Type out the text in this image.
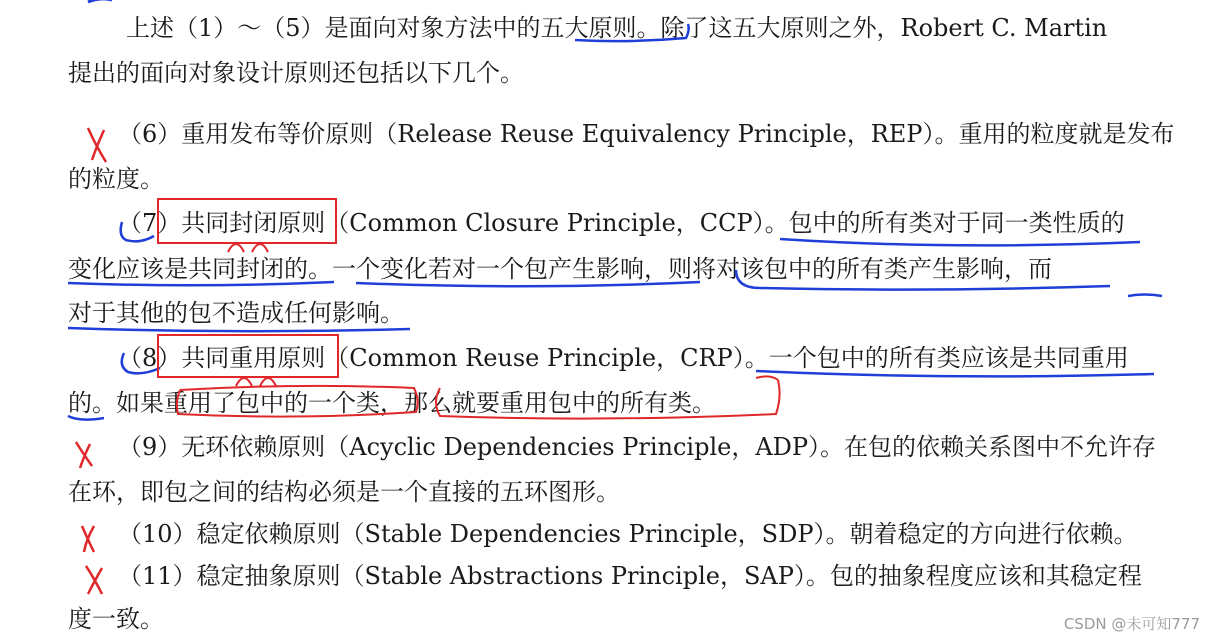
上述（1）～（5）是面向对象方法中的五大原则。除了这五大原则之外，Robert C. Martin
提出的面向对象设计原则还包括以下几个。
（6）重用发布等价原则（Release Reuse Equivalency Principle，REP）。重用的粒度就是发布
的粒度。
（7）共同封闭原则（Common Closure Principle，CCP）。包中的所有类对于同一类性质的
变化应该是共同封闭的。一个变化若对一个包产生影响，则将对该包中的所有类产生影响，而
对于其他的包不造成任何影响。
（8）共同重用原则（Common Reuse Principle，CRP）。一个包中的所有类应该是共同重用
的。如果重用了包中的一个类，那么就要重用包中的所有类。
（9）无环依赖原则（Acyclic Dependencies Principle，ADP）。在包的依赖关系图中不允许存
在环，即包之间的结构必须是一个直接的五环图形。
（10）稳定依赖原则（Stable Dependencies Principle，SDP）。朝着稳定的方向进行依赖。
（11）稳定抽象原则（Stable Abstractions Principle，SAP）。包的抽象程度应该和其稳定程
度一致。	CSDN @未可知777
